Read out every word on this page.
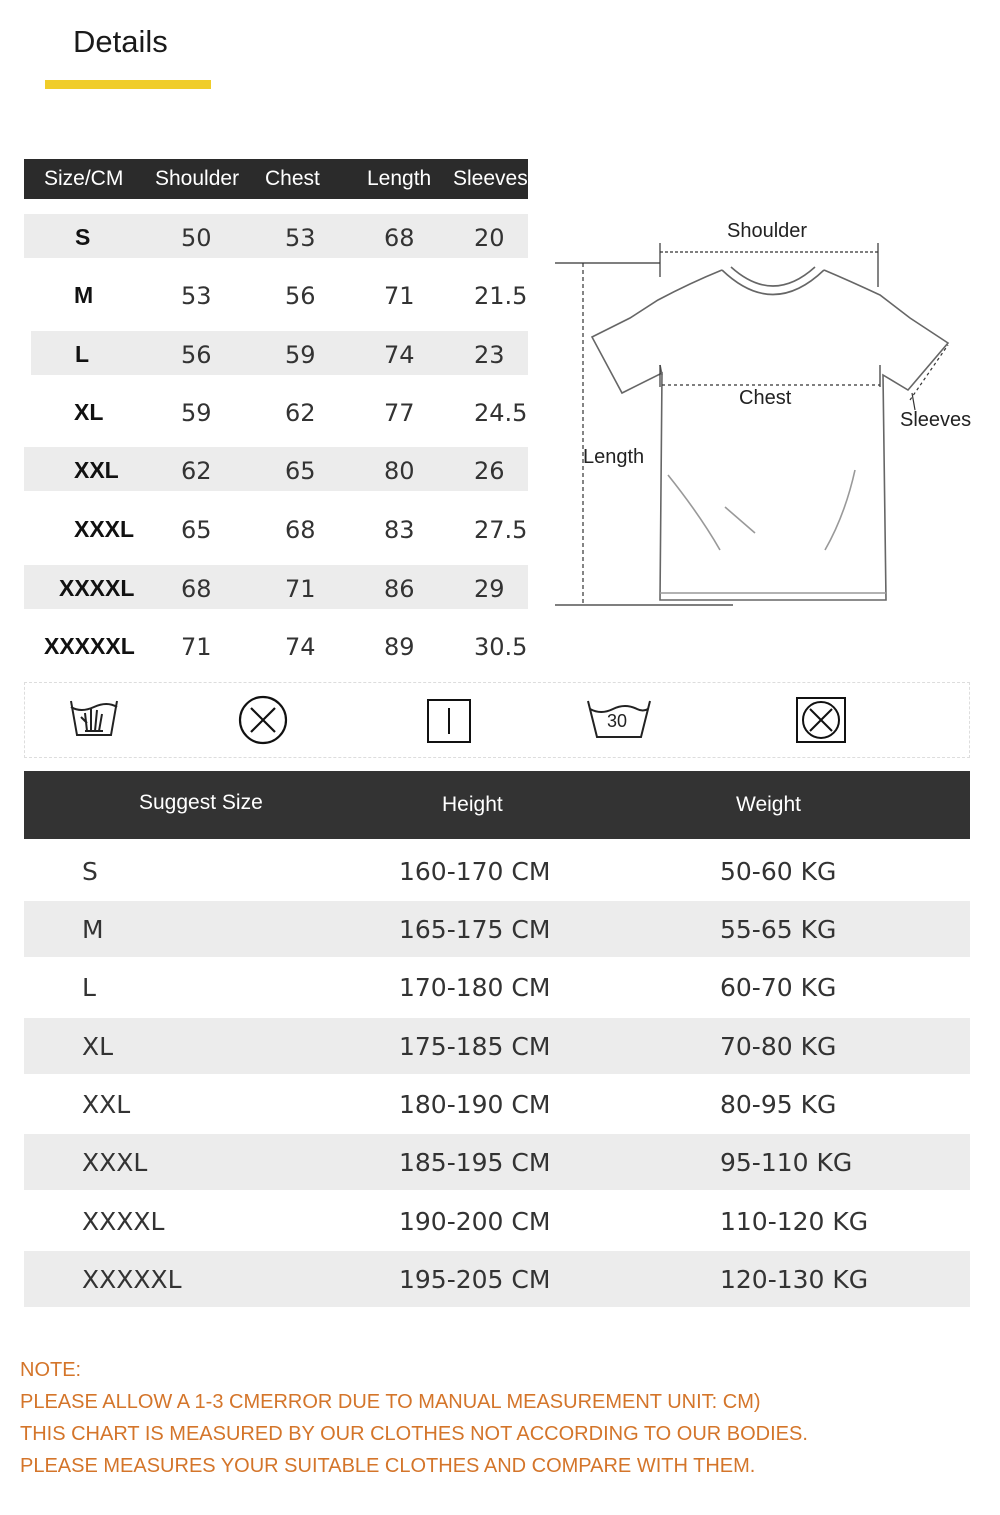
Details
Size/CM Shoulder Chest Length Sleeves
S	50	53	68 20
M	53	56	71 21.5
L	56	59	74 23
XL	59	62	77 24.5
XXL	62	65	80 26
XXXL 65	68	83 27.5
XXXXL 68	71	86 29
XXXXXL 71	74	89 30.5
Shoulder
Chest
Length
Sleeves
30
Suggest Size	Height	Weight
S	160-170 CM	50-60 KG
M	165-175 CM	55-65 KG
L	170-180 CM	60-70 KG
XL	175-185 CM	70-80 KG
XXL	180-190 CM	80-95 KG
XXXL	185-195 CM	95-110 KG
XXXXL	190-200 CM	110-120 KG
XXXXXL	195-205 CM	120-130 KG
NOTE:
PLEASE ALLOW A 1-3 CMERROR DUE TO MANUAL MEASUREMENT UNIT: CM)
THIS CHART IS MEASURED BY OUR CLOTHES NOT ACCORDING TO OUR BODIES.
PLEASE MEASURES YOUR SUITABLE CLOTHES AND COMPARE WITH THEM.
